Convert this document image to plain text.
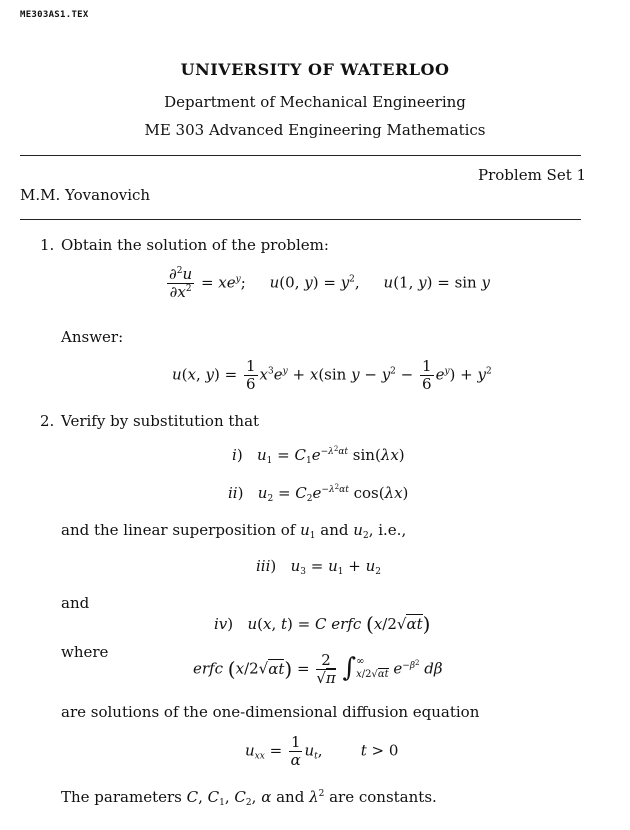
ME303AS1.TEX
UNIVERSITY OF WATERLOO
Department of Mechanical Engineering
ME 303 Advanced Engineering Mathematics
Problem Set 1
M.M. Yovanovich
1. Obtain the solution of the problem:
$\frac{\partial^2u}{\partial x^2} = xe^y$;     u(0, $y) = y^2$,     u(1, y) = sin y
Answer:
u(x, $y) = \frac{1}{6} x^3e^y + x(\sin$ $y - y^2 - \frac{1}{6} e^y) + y^2$
2. Verify by substitution that
i)   $u_1 = C_1e^{-\lambda^2\alpha t}$ sin(λx)
ii)   $u_2 = C_2e^{-\lambda^2\alpha t}$ cos(λx)
and the linear superposition of $u_1$ and $u_2$, i.e.,
iii)   $u_3 = u_1 + u_2$
and
iv)   u(x, t) = C erfc (x/2√αt)
where
erfc $(x/2√\alpha t) = \frac{2}{√\pi}$ ∫∞
x/2√αt $e^{-\beta^2}$ dβ
are solutions of the one-dimensional diffusion equation
$u_{xx} = \frac{1}{\alpha} u_t$,        t > 0
The parameters C, $C_1$, $C_2$, α and $\lambda^2$ are constants.
